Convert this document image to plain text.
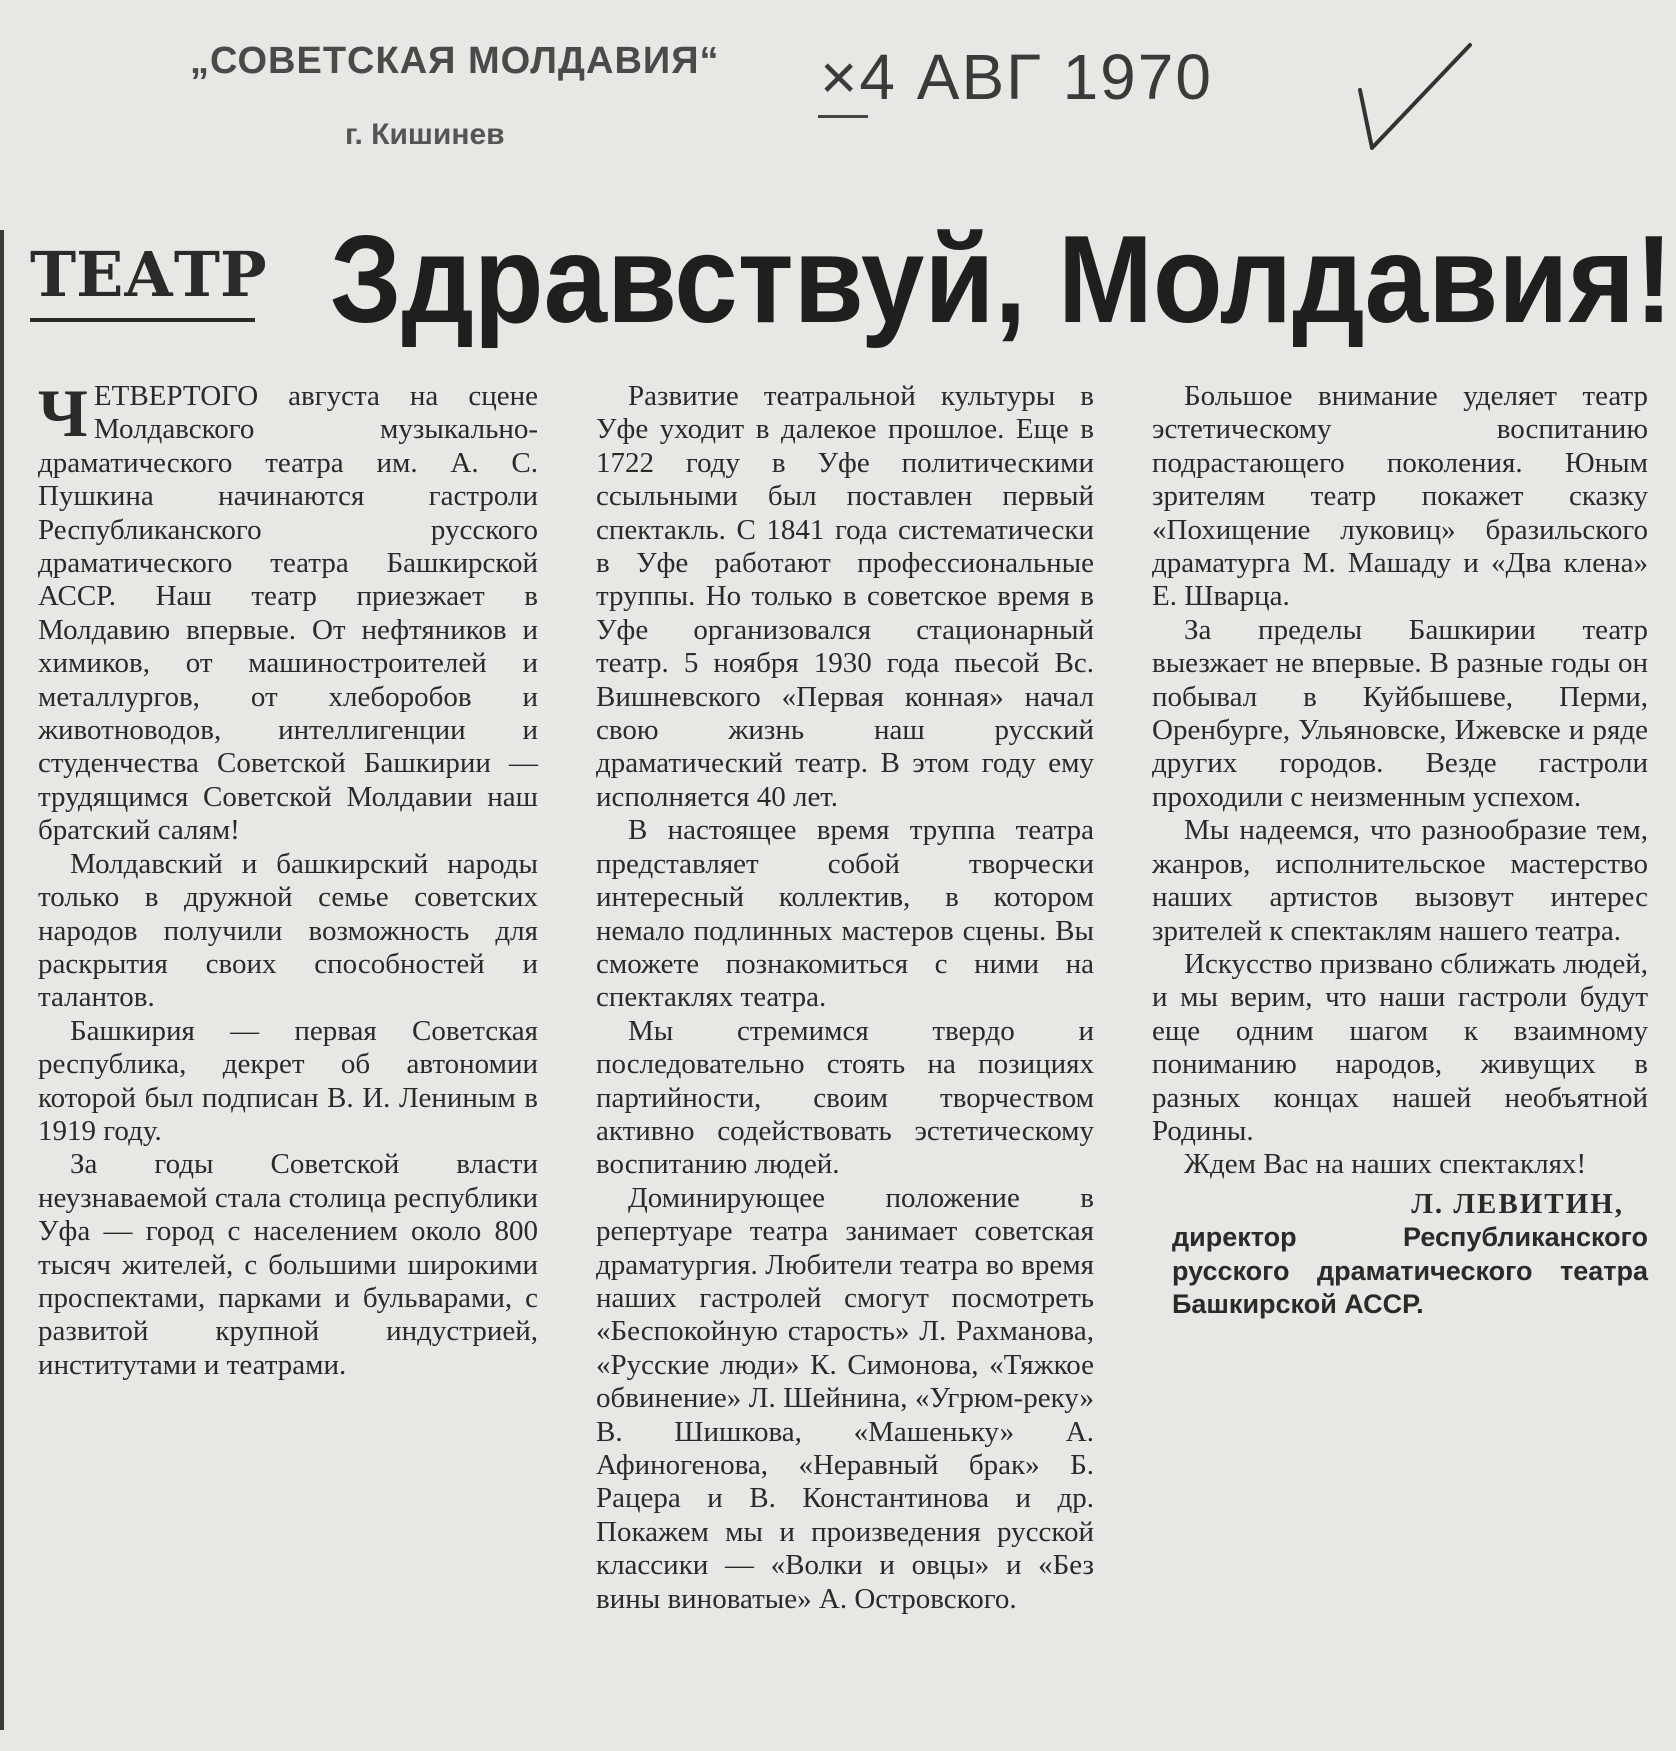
„СОВЕТСКАЯ МОЛДАВИЯ“
г. Кишинев
×4 АВГ 1970
ТЕАТР Здравствуй, Молдавия!

ЧЕТВЕРТОГО августа на сцене Молдавского музыкально-драматического театра им. А. С. Пушкина начинаются гастроли Республиканского русского драматического театра Башкирской АССР. Наш театр приезжает в Молдавию впервые. От нефтяников и химиков, от машиностроителей и металлургов, от хлеборобов и животноводов, интеллигенции и студенчества Советской Башкирии — трудящимся Советской Молдавии наш братский салям!

Молдавский и башкирский народы только в дружной семье советских народов получили возможность для раскрытия своих способностей и талантов.

Башкирия — первая Советская республика, декрет об автономии которой был подписан В. И. Лениным в 1919 году.

За годы Советской власти неузнаваемой стала столица республики Уфа — город с населением около 800 тысяч жителей, с большими широкими проспектами, парками и бульварами, с развитой крупной индустрией, институтами и театрами.

Развитие театральной культуры в Уфе уходит в далекое прошлое. Еще в 1722 году в Уфе политическими ссыльными был поставлен первый спектакль. С 1841 года систематически в Уфе работают профессиональные труппы. Но только в советское время в Уфе организовался стационарный театр. 5 ноября 1930 года пьесой Вс. Вишневского «Первая конная» начал свою жизнь наш русский драматический театр. В этом году ему исполняется 40 лет.

В настоящее время труппа театра представляет собой творчески интересный коллектив, в котором немало подлинных мастеров сцены. Вы сможете познакомиться с ними на спектаклях театра.

Мы стремимся твердо и последовательно стоять на позициях партийности, своим творчеством активно содействовать эстетическому воспитанию людей.

Доминирующее положение в репертуаре театра занимает советская драматургия. Любители театра во время наших гастролей смогут посмотреть «Беспокойную старость» Л. Рахманова, «Русские люди» К. Симонова, «Тяжкое обвинение» Л. Шейнина, «Угрюм-реку» В. Шишкова, «Машеньку» А. Афиногенова, «Неравный брак» Б. Рацера и В. Константинова и др. Покажем мы и произведения русской классики — «Волки и овцы» и «Без вины виноватые» А. Островского.

Большое внимание уделяет театр эстетическому воспитанию подрастающего поколения. Юным зрителям театр покажет сказку «Похищение луковиц» бразильского драматурга М. Машаду и «Два клена» Е. Шварца.

За пределы Башкирии театр выезжает не впервые. В разные годы он побывал в Куйбышеве, Перми, Оренбурге, Ульяновске, Ижевске и ряде других городов. Везде гастроли проходили с неизменным успехом.

Мы надеемся, что разнообразие тем, жанров, исполнительское мастерство наших артистов вызовут интерес зрителей к спектаклям нашего театра.

Искусство призвано сближать людей, и мы верим, что наши гастроли будут еще одним шагом к взаимному пониманию народов, живущих в разных концах нашей необъятной Родины.

Ждем Вас на наших спектаклях!

Л. ЛЕВИТИН,
директор Республиканского русского драматического театра Башкирской АССР.
